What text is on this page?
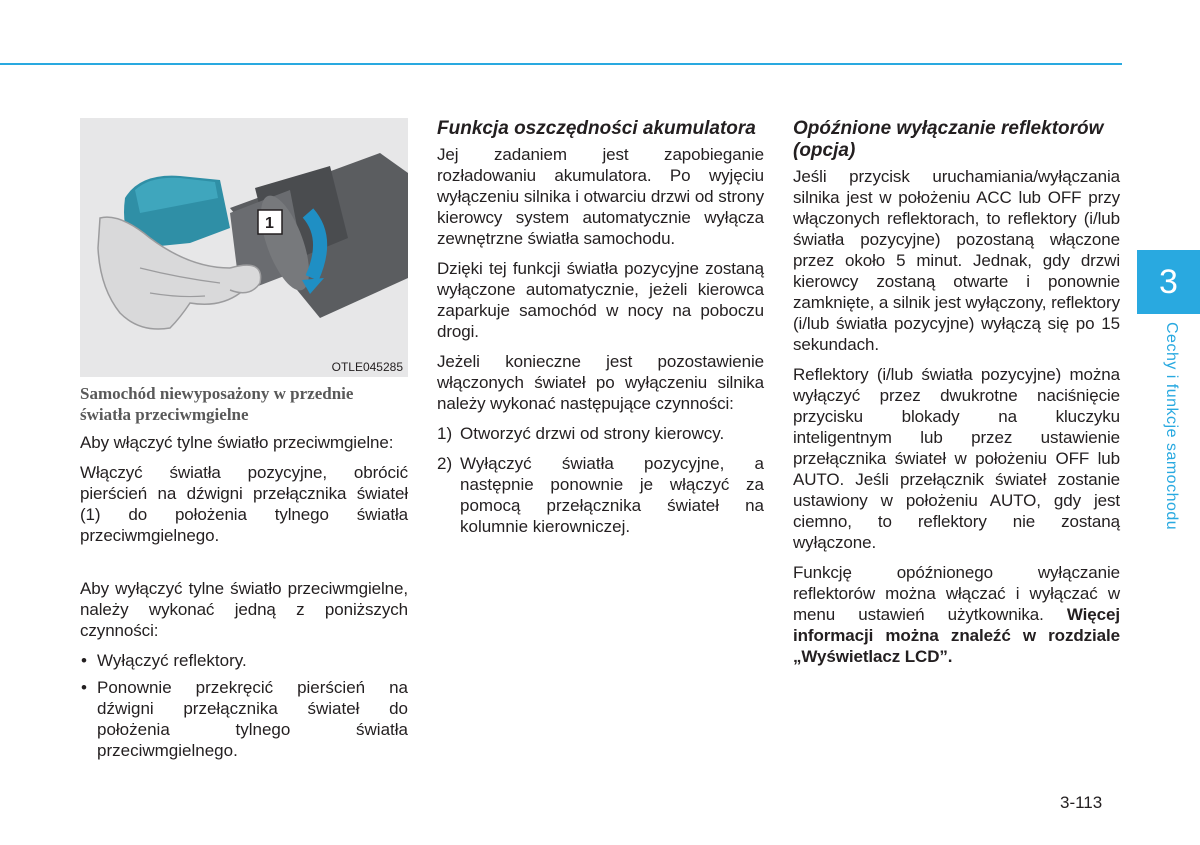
3
Cechy i funkcje samochodu
1
OTLE045285
Samochód niewyposażony w przednie światła przeciwmgielne

Aby włączyć tylne światło przeciwmgielne:

Włączyć światła pozycyjne, obrócić pierścień na dźwigni przełącznika świateł (1) do położenia tylnego światła przeciwmgielnego.

Aby wyłączyć tylne światło przeciwmgielne, należy wykonać jedną z poniższych czynności:

• Wyłączyć reflektory.
• Ponownie przekręcić pierścień na dźwigni przełącznika świateł do położenia tylnego światła przeciwmgielnego.
Funkcja oszczędności akumulatora

Jej zadaniem jest zapobieganie rozładowaniu akumulatora. Po wyjęciu wyłączeniu silnika i otwarciu drzwi od strony kierowcy system automatycznie wyłącza zewnętrzne światła samochodu.

Dzięki tej funkcji światła pozycyjne zostaną wyłączone automatycznie, jeżeli kierowca zaparkuje samochód w nocy na poboczu drogi.

Jeżeli konieczne jest pozostawienie włączonych świateł po wyłączeniu silnika należy wykonać następujące czynności:

1) Otworzyć drzwi od strony kierowcy.
2) Wyłączyć światła pozycyjne, a następnie ponownie je włączyć za pomocą przełącznika świateł na kolumnie kierowniczej.
Opóźnione wyłączanie reflektorów (opcja)

Jeśli przycisk uruchamiania/wyłączania silnika jest w położeniu ACC lub OFF przy włączonych reflektorach, to reflektory (i/lub światła pozycyjne) pozostaną włączone przez około 5 minut. Jednak, gdy drzwi kierowcy zostaną otwarte i ponownie zamknięte, a silnik jest wyłączony, reflektory (i/lub światła pozycyjne) wyłączą się po 15 sekundach.

Reflektory (i/lub światła pozycyjne) można wyłączyć przez dwukrotne naciśnięcie przycisku blokady na kluczyku inteligentnym lub przez ustawienie przełącznika świateł w położeniu OFF lub AUTO. Jeśli przełącznik świateł zostanie ustawiony w położeniu AUTO, gdy jest ciemno, to reflektory nie zostaną wyłączone.

Funkcję opóźnionego wyłączanie reflektorów można włączać i wyłączać w menu ustawień użytkownika. Więcej informacji można znaleźć w rozdziale „Wyświetlacz LCD”.

3-113
